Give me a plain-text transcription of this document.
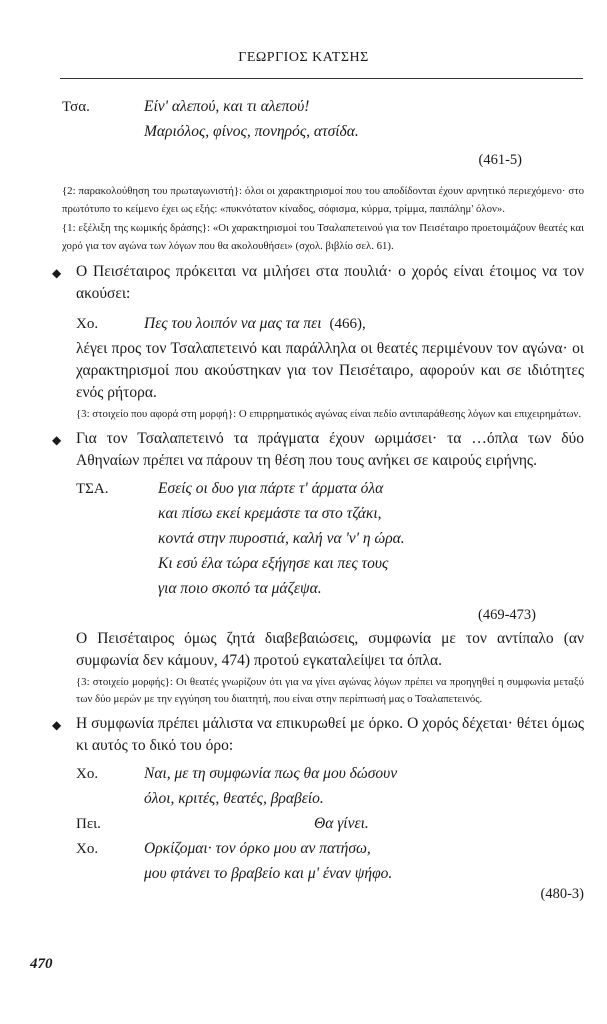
ΓΕΩΡΓΙΟΣ ΚΑΤΣΗΣ
Τσα.	Είν' αλεπού, και τι αλεπού!
Μαριόλος, φίνος, πονηρός, ατσίδα.
(461-5)
{2: παρακολούθηση του πρωταγωνιστή}: όλοι οι χαρακτηρισμοί που του αποδίδονται έχουν αρνητικό περιεχόμενο· στο πρωτότυπο το κείμενο έχει ως εξής: «πυκνότατον κίναδος, σόφισμα, κύρμα, τρίμμα, παιπάλημ' όλον».
{1: εξέλιξη της κωμικής δράσης}: «Οι χαρακτηρισμοί του Τσαλαπετεινού για τον Πεισέταιρο προετοιμάζουν θεατές και χορό για τον αγώνα των λόγων που θα ακολουθήσει» (σχολ. βιβλίο σελ. 61).
◆ Ο Πεισέταιρος πρόκειται να μιλήσει στα πουλιά· ο χορός είναι έτοιμος να τον ακούσει:
Χο.	Πες του λοιπόν να μας τα πει (466),
λέγει προς τον Τσαλαπετεινό και παράλληλα οι θεατές περιμένουν τον αγώνα· οι χαρακτηρισμοί που ακούστηκαν για τον Πεισέταιρο, αφορούν και σε ιδιότητες ενός ρήτορα.
{3: στοιχείο που αφορά στη μορφή}: Ο επιρρηματικός αγώνας είναι πεδίο αντιπαράθεσης λόγων και επιχειρημάτων.
◆ Για τον Τσαλαπετεινό τα πράγματα έχουν ωριμάσει· τα …όπλα των δύο Αθηναίων πρέπει να πάρουν τη θέση που τους ανήκει σε καιρούς ειρήνης.
ΤΣΑ.	Εσείς οι δυο για πάρτε τ' άρματα όλα
και πίσω εκεί κρεμάστε τα στο τζάκι,
κοντά στην πυροστιά, καλή να 'ν' η ώρα.
Κι εσύ έλα τώρα εξήγησε και πες τους
για ποιο σκοπό τα μάζεψα.
(469-473)
Ο Πεισέταιρος όμως ζητά διαβεβαιώσεις, συμφωνία με τον αντίπαλο (αν συμφωνία δεν κάμουν, 474) προτού εγκαταλείψει τα όπλα.
{3: στοιχείο μορφής}: Οι θεατές γνωρίζουν ότι για να γίνει αγώνας λόγων πρέπει να προηγηθεί η συμφωνία μεταξύ των δύο μερών με την εγγύηση του διαιτητή, που είναι στην περίπτωσή μας ο Τσαλαπετεινός.
◆ Η συμφωνία πρέπει μάλιστα να επικυρωθεί με όρκο. Ο χορός δέχεται· θέτει όμως κι αυτός το δικό του όρο:
Χο.	Ναι, με τη συμφωνία πως θα μου δώσουν
όλοι, κριτές, θεατές, βραβείο.
Πει.	Θα γίνει.
Χο.	Ορκίζομαι· τον όρκο μου αν πατήσω,
μου φτάνει το βραβείο και μ' έναν ψήφο.
(480-3)
470
